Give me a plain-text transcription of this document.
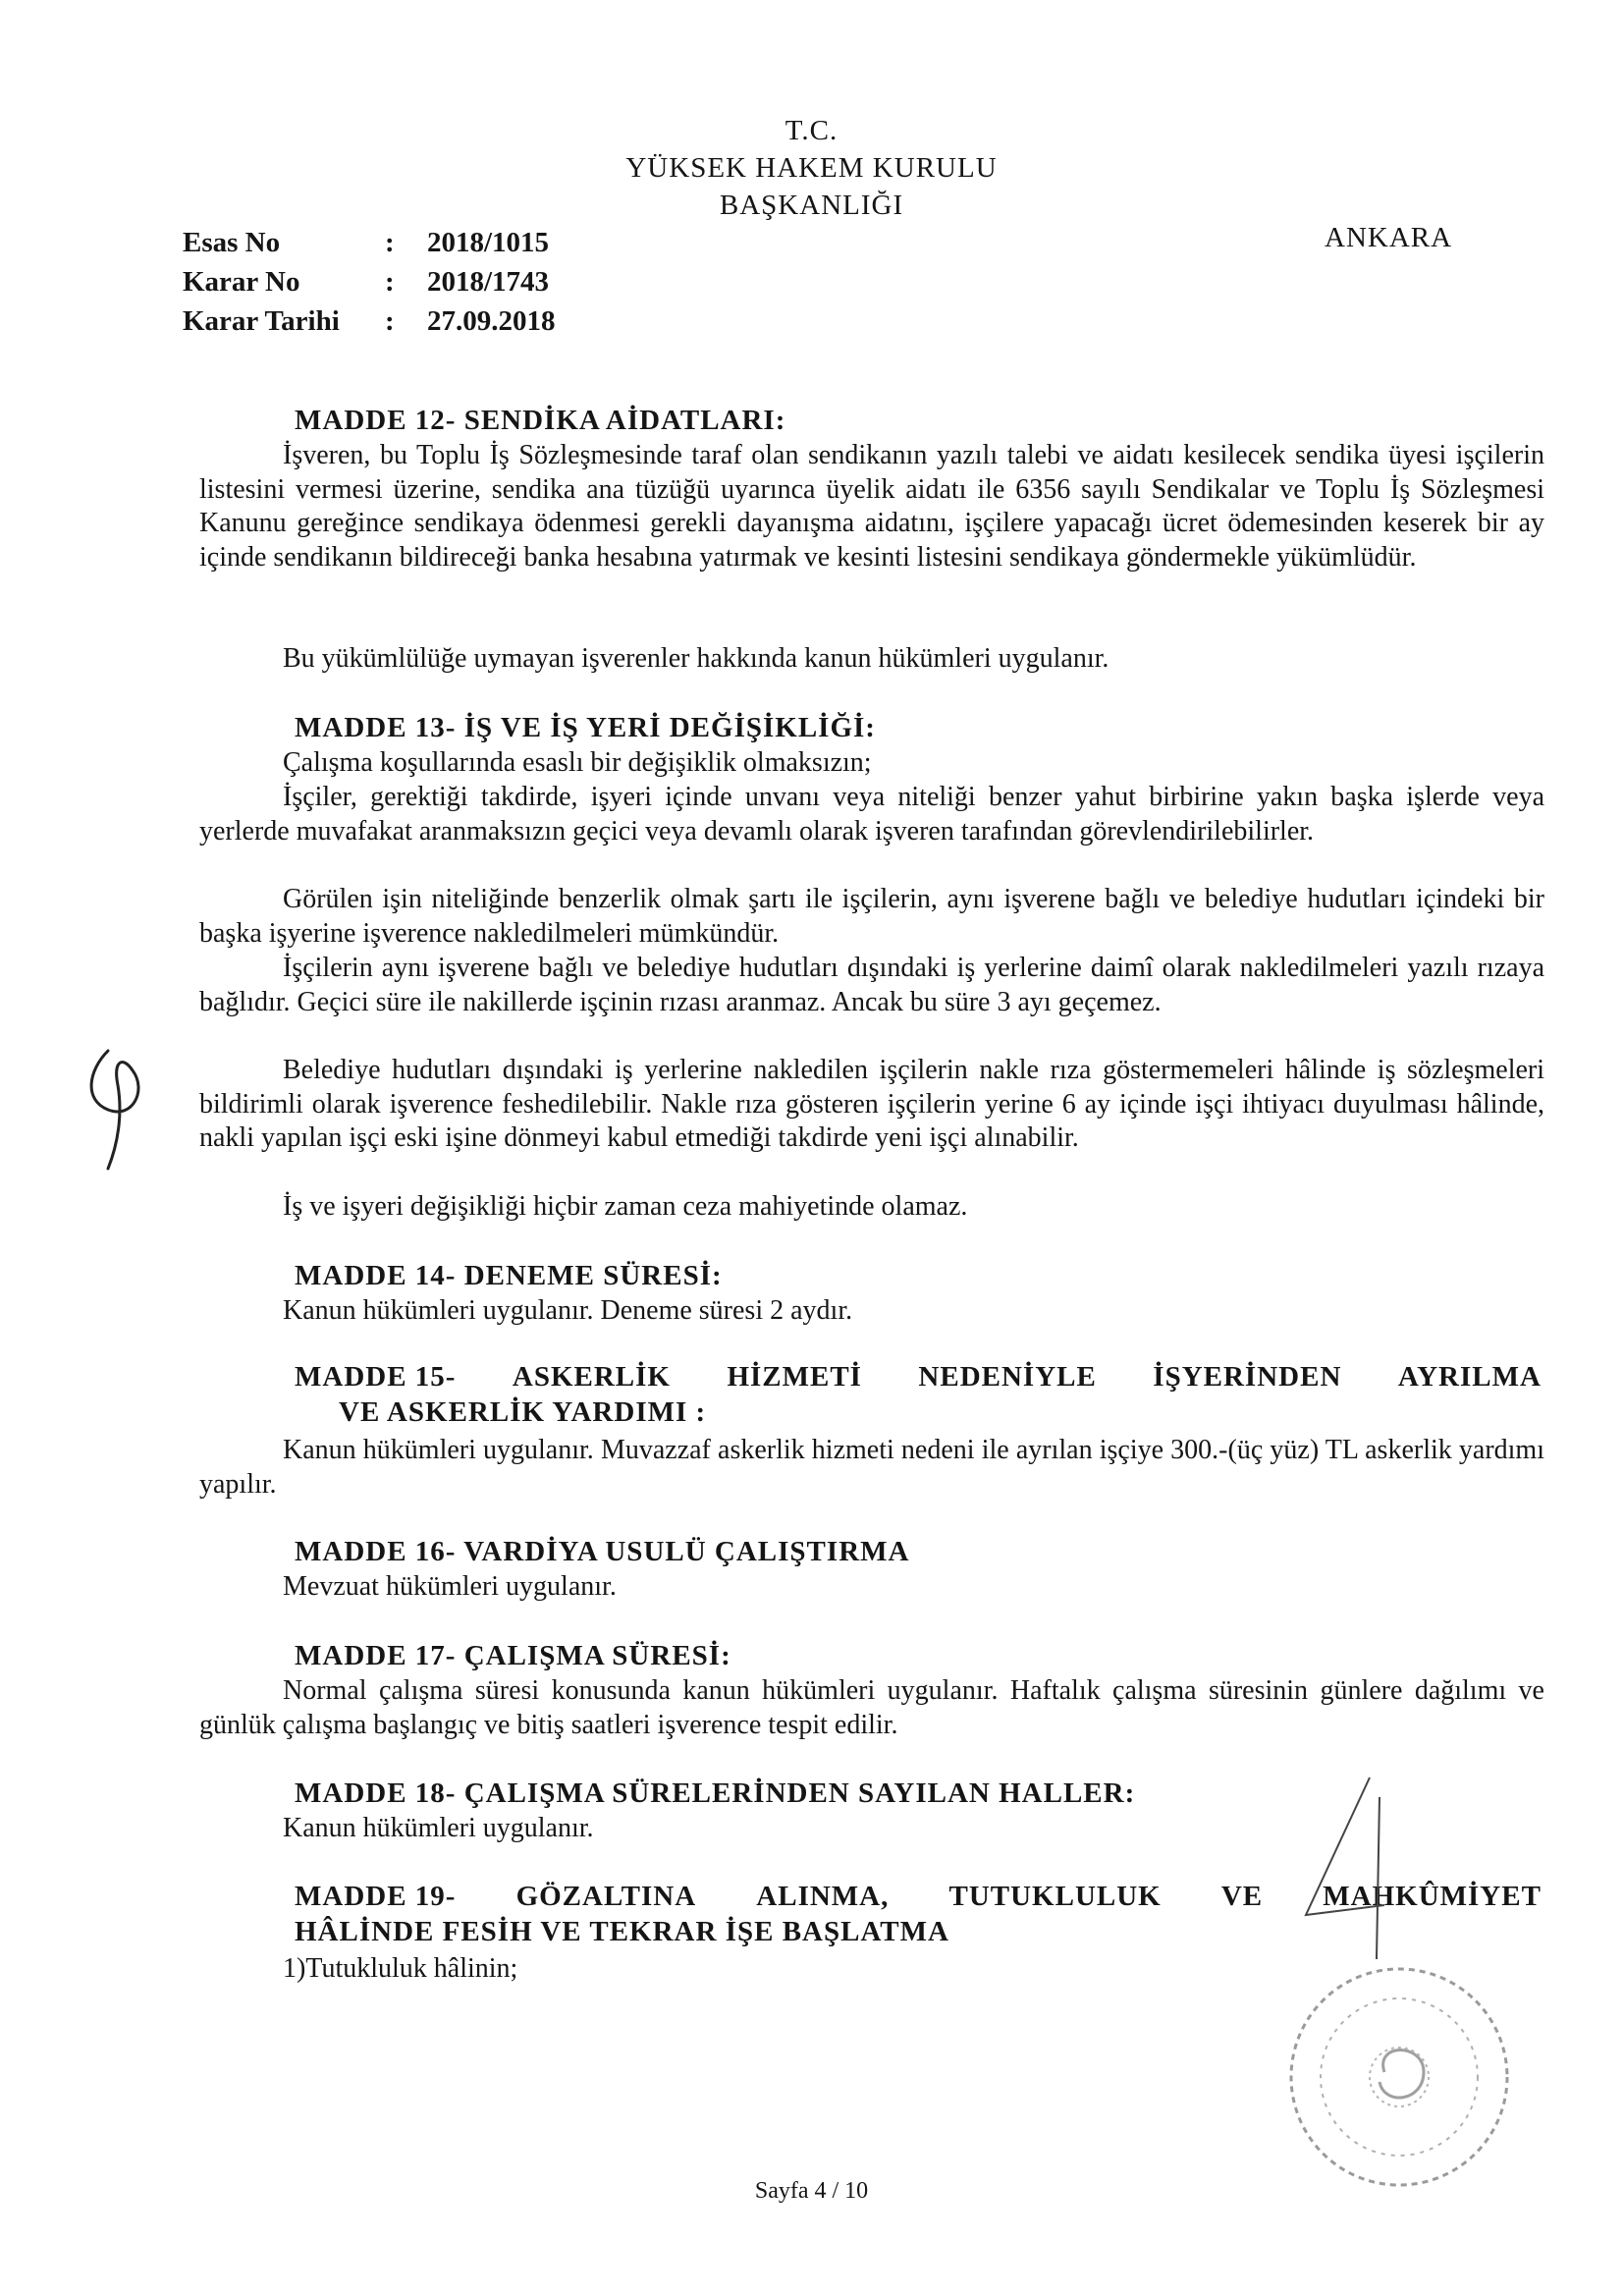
T.C.
YÜKSEK HAKEM KURULU
BAŞKANLIĞI
ANKARA
Esas No	: 2018/1015
Karar No	: 2018/1743
Karar Tarihi : 27.09.2018
MADDE 12- SENDİKA AİDATLARI:
İşveren, bu Toplu İş Sözleşmesinde taraf olan sendikanın yazılı talebi ve aidatı kesilecek sendika üyesi işçilerin listesini vermesi üzerine, sendika ana tüzüğü uyarınca üyelik aidatı ile 6356 sayılı Sendikalar ve Toplu İş Sözleşmesi Kanunu gereğince sendikaya ödenmesi gerekli dayanışma aidatını, işçilere yapacağı ücret ödemesinden keserek bir ay içinde sendikanın bildireceği banka hesabına yatırmak ve kesinti listesini sendikaya göndermekle yükümlüdür.
Bu yükümlülüğe uymayan işverenler hakkında kanun hükümleri uygulanır.
MADDE 13- İŞ VE İŞ YERİ DEĞİŞİKLİĞİ:
Çalışma koşullarında esaslı bir değişiklik olmaksızın;
İşçiler, gerektiği takdirde, işyeri içinde unvanı veya niteliği benzer yahut birbirine yakın başka işlerde veya yerlerde muvafakat aranmaksızın geçici veya devamlı olarak işveren tarafından görevlendirilebilirler.
Görülen işin niteliğinde benzerlik olmak şartı ile işçilerin, aynı işverene bağlı ve belediye hudutları içindeki bir başka işyerine işverence nakledilmeleri mümkündür.
İşçilerin aynı işverene bağlı ve belediye hudutları dışındaki iş yerlerine daimî olarak nakledilmeleri yazılı rızaya bağlıdır. Geçici süre ile nakillerde işçinin rızası aranmaz. Ancak bu süre 3 ayı geçemez.
Belediye hudutları dışındaki iş yerlerine nakledilen işçilerin nakle rıza göstermemeleri hâlinde iş sözleşmeleri bildirimli olarak işverence feshedilebilir. Nakle rıza gösteren işçilerin yerine 6 ay içinde işçi ihtiyacı duyulması hâlinde, nakli yapılan işçi eski işine dönmeyi kabul etmediği takdirde yeni işçi alınabilir.
İş ve işyeri değişikliği hiçbir zaman ceza mahiyetinde olamaz.
MADDE 14- DENEME SÜRESİ:
Kanun hükümleri uygulanır. Deneme süresi 2 aydır.
MADDE 15- ASKERLİK HİZMETİ NEDENİYLE İŞYERİNDEN AYRILMA
VE ASKERLİK YARDIMI :
Kanun hükümleri uygulanır. Muvazzaf askerlik hizmeti nedeni ile ayrılan işçiye 300.-(üç yüz) TL askerlik yardımı yapılır.
MADDE 16- VARDİYA USULÜ ÇALIŞTIRMA
Mevzuat hükümleri uygulanır.
MADDE 17- ÇALIŞMA SÜRESİ:
Normal çalışma süresi konusunda kanun hükümleri uygulanır. Haftalık çalışma süresinin günlere dağılımı ve günlük çalışma başlangıç ve bitiş saatleri işverence tespit edilir.
MADDE 18- ÇALIŞMA SÜRELERİNDEN SAYILAN HALLER:
Kanun hükümleri uygulanır.
MADDE 19- GÖZALTINA ALINMA, TUTUKLULUK VE MAHKÛMİYET
HÂLİNDE FESİH VE TEKRAR İŞE BAŞLATMA
1)Tutukluluk hâlinin;
Sayfa 4 / 10
